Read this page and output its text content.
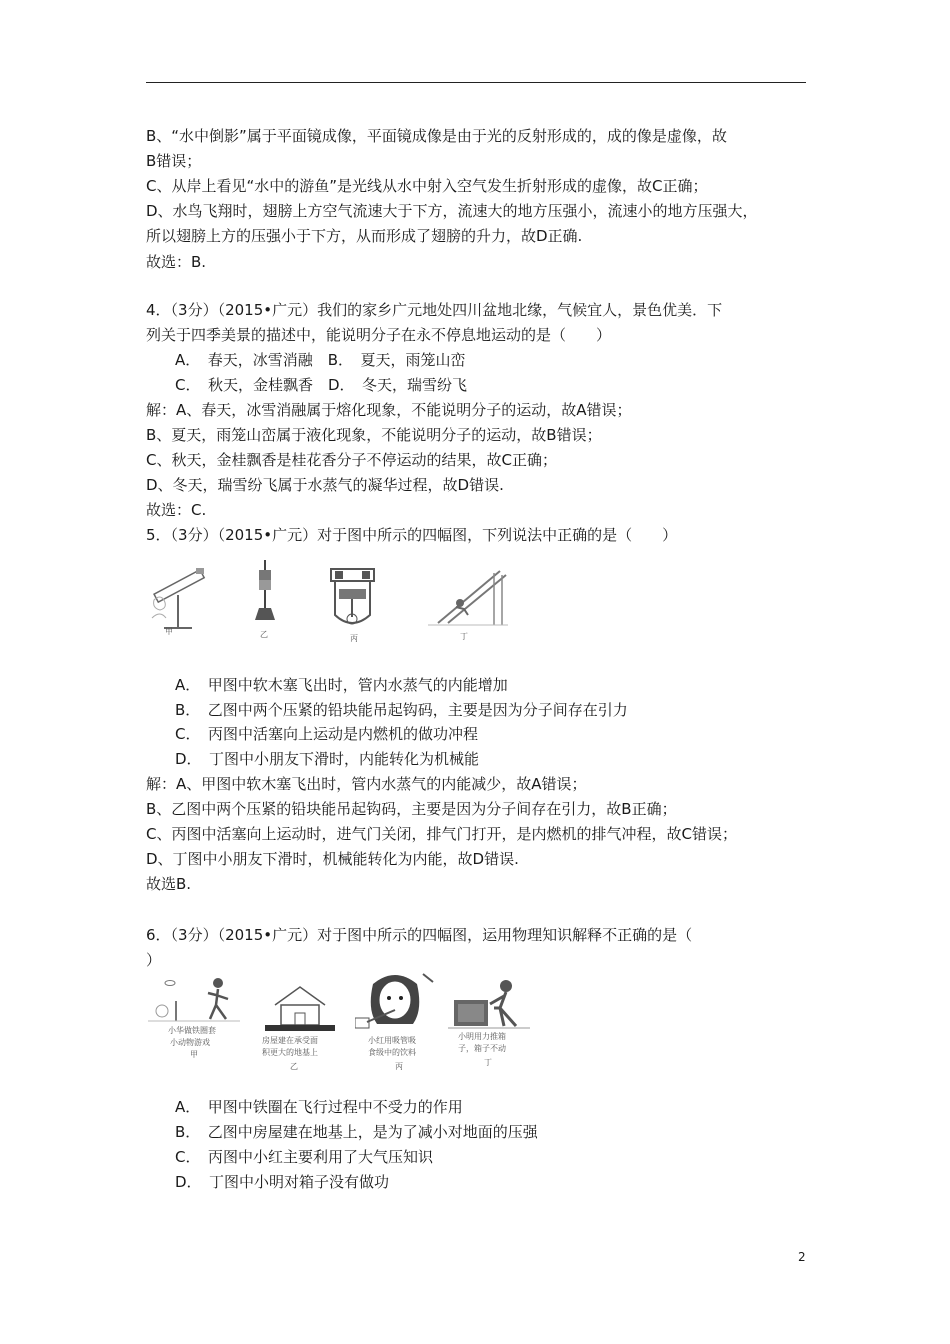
B、“水中倒影”属于平面镜成像，平面镜成像是由于光的反射形成的，成的像是虚像，故
B错误；
C、从岸上看见“水中的游鱼”是光线从水中射入空气发生折射形成的虚像，故C正确；
D、水鸟飞翔时，翅膀上方空气流速大于下方，流速大的地方压强小，流速小的地方压强大，
所以翅膀上方的压强小于下方，从而形成了翅膀的升力，故D正确.
故选：B.
4．（3分）（2015•广元）我们的家乡广元地处四川盆地北缘，气候宜人，景色优美．下
列关于四季美景的描述中，能说明分子在永不停息地运动的是（　　）
A．　春天，冰雪消融　B．　夏天，雨笼山峦
C．　秋天，金桂飘香　D．　冬天，瑞雪纷飞
解：A、春天，冰雪消融属于熔化现象，不能说明分子的运动，故A错误；
B、夏天，雨笼山峦属于液化现象，不能说明分子的运动，故B错误；
C、秋天，金桂飘香是桂花香分子不停运动的结果，故C正确；
D、冬天，瑞雪纷飞属于水蒸气的凝华过程，故D错误.
故选：C.
5．（3分）（2015•广元）对于图中所示的四幅图，下列说法中正确的是（　　）
甲	乙	丙	丁
A．　甲图中软木塞飞出时，管内水蒸气的内能增加
B．　乙图中两个压紧的铅块能吊起钩码，主要是因为分子间存在引力
C．　丙图中活塞向上运动是内燃机的做功冲程
D．　丁图中小朋友下滑时，内能转化为机械能
解：A、甲图中软木塞飞出时，管内水蒸气的内能减少，故A错误；
B、乙图中两个压紧的铅块能吊起钩码，主要是因为分子间存在引力，故B正确；
C、丙图中活塞向上运动时，进气门关闭，排气门打开，是内燃机的排气冲程，故C错误；
D、丁图中小朋友下滑时，机械能转化为内能，故D错误.
故选B.
6．（3分）（2015•广元）对于图中所示的四幅图，运用物理知识解释不正确的是（
）
小华做铁圈套
小动物游戏
甲
房屋建在承受面
积更大的地基上
乙
小红用吸管吸
食级中的饮料
丙
小明用力推箱
子，箱子不动
丁
A．　甲图中铁圈在飞行过程中不受力的作用
B．　乙图中房屋建在地基上，是为了减小对地面的压强
C．　丙图中小红主要利用了大气压知识
D．　丁图中小明对箱子没有做功
2
